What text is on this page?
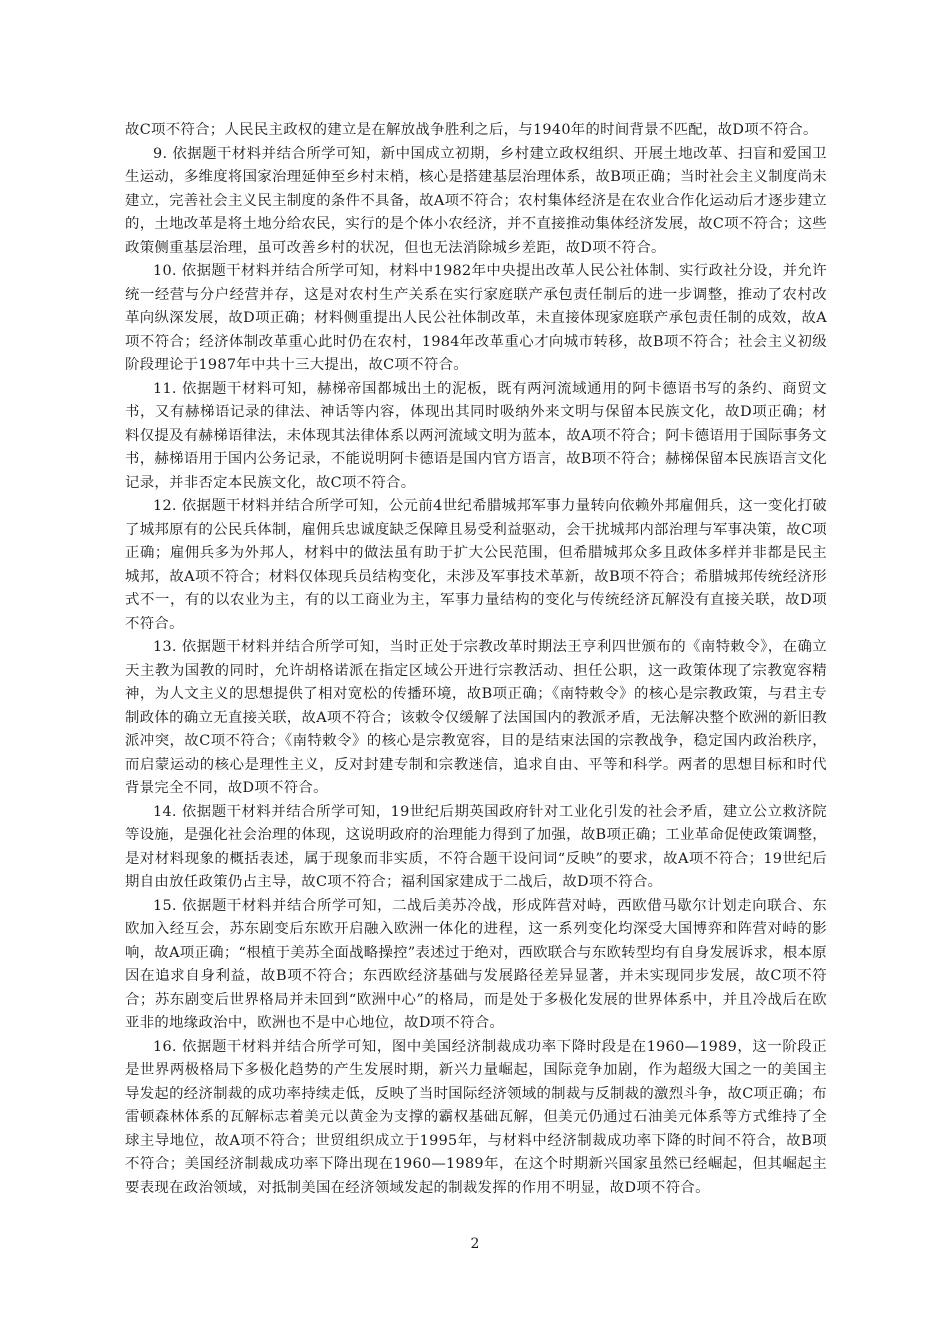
故C项不符合；人民民主政权的建立是在解放战争胜利之后，与1940年的时间背景不匹配，故D项不符合。

9. 依据题干材料并结合所学可知，新中国成立初期，乡村建立政权组织、开展土地改革、扫盲和爱国卫生运动，多维度将国家治理延伸至乡村末梢，核心是搭建基层治理体系，故B项正确；当时社会主义制度尚未建立，完善社会主义民主制度的条件不具备，故A项不符合；农村集体经济是在农业合作化运动后才逐步建立的，土地改革是将土地分给农民，实行的是个体小农经济，并不直接推动集体经济发展，故C项不符合；这些政策侧重基层治理，虽可改善乡村的状况，但也无法消除城乡差距，故D项不符合。

10. 依据题干材料并结合所学可知，材料中1982年中央提出改革人民公社体制、实行政社分设，并允许统一经营与分户经营并存，这是对农村生产关系在实行家庭联产承包责任制后的进一步调整，推动了农村改革向纵深发展，故D项正确；材料侧重提出人民公社体制改革，未直接体现家庭联产承包责任制的成效，故A项不符合；经济体制改革重心此时仍在农村，1984年改革重心才向城市转移，故B项不符合；社会主义初级阶段理论于1987年中共十三大提出，故C项不符合。

11. 依据题干材料可知，赫梯帝国都城出土的泥板，既有两河流域通用的阿卡德语书写的条约、商贸文书，又有赫梯语记录的律法、神话等内容，体现出其同时吸纳外来文明与保留本民族文化，故D项正确；材料仅提及有赫梯语律法，未体现其法律体系以两河流域文明为蓝本，故A项不符合；阿卡德语用于国际事务文书，赫梯语用于国内公务记录，不能说明阿卡德语是国内官方语言，故B项不符合；赫梯保留本民族语言文化记录，并非否定本民族文化，故C项不符合。

12. 依据题干材料并结合所学可知，公元前4世纪希腊城邦军事力量转向依赖外邦雇佣兵，这一变化打破了城邦原有的公民兵体制，雇佣兵忠诚度缺乏保障且易受利益驱动，会干扰城邦内部治理与军事决策，故C项正确；雇佣兵多为外邦人，材料中的做法虽有助于扩大公民范围，但希腊城邦众多且政体多样并非都是民主城邦，故A项不符合；材料仅体现兵员结构变化，未涉及军事技术革新，故B项不符合；希腊城邦传统经济形式不一，有的以农业为主，有的以工商业为主，军事力量结构的变化与传统经济瓦解没有直接关联，故D项不符合。

13. 依据题干材料并结合所学可知，当时正处于宗教改革时期法王亨利四世颁布的《南特敕令》，在确立天主教为国教的同时，允许胡格诺派在指定区域公开进行宗教活动、担任公职，这一政策体现了宗教宽容精神，为人文主义的思想提供了相对宽松的传播环境，故B项正确；《南特敕令》的核心是宗教政策，与君主专制政体的确立无直接关联，故A项不符合；该敕令仅缓解了法国国内的教派矛盾，无法解决整个欧洲的新旧教派冲突，故C项不符合；《南特敕令》的核心是宗教宽容，目的是结束法国的宗教战争，稳定国内政治秩序，而启蒙运动的核心是理性主义，反对封建专制和宗教迷信，追求自由、平等和科学。两者的思想目标和时代背景完全不同，故D项不符合。

14. 依据题干材料并结合所学可知，19世纪后期英国政府针对工业化引发的社会矛盾，建立公立救济院等设施，是强化社会治理的体现，这说明政府的治理能力得到了加强，故B项正确；工业革命促使政策调整，是对材料现象的概括表述，属于现象而非实质，不符合题干设问词“反映”的要求，故A项不符合；19世纪后期自由放任政策仍占主导，故C项不符合；福利国家建成于二战后，故D项不符合。

15. 依据题干材料并结合所学可知，二战后美苏冷战，形成阵营对峙，西欧借马歇尔计划走向联合、东欧加入经互会，苏东剧变后东欧开启融入欧洲一体化的进程，这一系列变化均深受大国博弈和阵营对峙的影响，故A项正确；“根植于美苏全面战略操控”表述过于绝对，西欧联合与东欧转型均有自身发展诉求，根本原因在追求自身利益，故B项不符合；东西欧经济基础与发展路径差异显著，并未实现同步发展，故C项不符合；苏东剧变后世界格局并未回到“欧洲中心”的格局，而是处于多极化发展的世界体系中，并且冷战后在欧亚非的地缘政治中，欧洲也不是中心地位，故D项不符合。

16. 依据题干材料并结合所学可知，图中美国经济制裁成功率下降时段是在1960—1989，这一阶段正是世界两极格局下多极化趋势的产生发展时期，新兴力量崛起，国际竞争加剧，作为超级大国之一的美国主导发起的经济制裁的成功率持续走低，反映了当时国际经济领域的制裁与反制裁的激烈斗争，故C项正确；布雷顿森林体系的瓦解标志着美元以黄金为支撑的霸权基础瓦解，但美元仍通过石油美元体系等方式维持了全球主导地位，故A项不符合；世贸组织成立于1995年，与材料中经济制裁成功率下降的时间不符合，故B项不符合；美国经济制裁成功率下降出现在1960—1989年，在这个时期新兴国家虽然已经崛起，但其崛起主要表现在政治领域，对抵制美国在经济领域发起的制裁发挥的作用不明显，故D项不符合。

2
